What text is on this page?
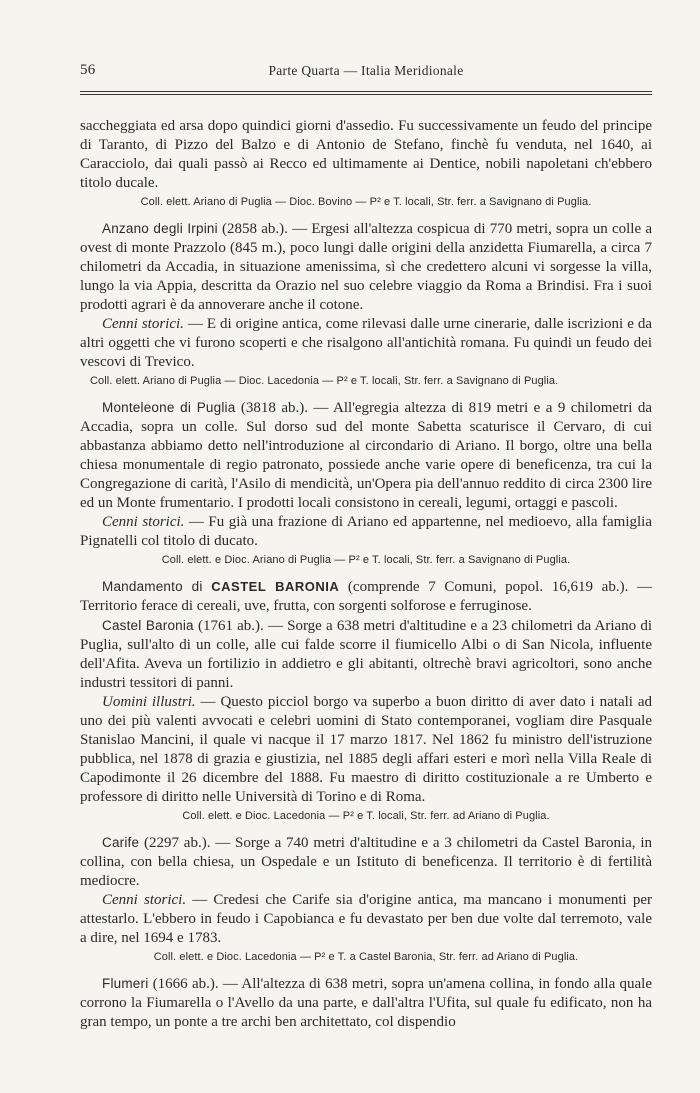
56	Parte Quarta — Italia Meridionale

saccheggiata ed arsa dopo quindici giorni d'assedio. Fu successivamente un feudo del principe di Taranto, di Pizzo del Balzo e di Antonio de Stefano, finchè fu venduta, nel 1640, ai Caracciolo, dai quali passò ai Recco ed ultimamente ai Dentice, nobili napoletani ch'ebbero titolo ducale.

Coll. elett. Ariano di Puglia — Dioc. Bovino — P² e T. locali, Str. ferr. a Savignano di Puglia.

Anzano degli Irpini (2858 ab.). — Ergesi all'altezza cospicua di 770 metri, sopra un colle a ovest di monte Prazzolo (845 m.), poco lungi dalle origini della anzidetta Fiumarella, a circa 7 chilometri da Accadia, in situazione amenissima, sì che credettero alcuni vi sorgesse la villa, lungo la via Appia, descritta da Orazio nel suo celebre viaggio da Roma a Brindisi. Fra i suoi prodotti agrari è da annoverare anche il cotone.

Cenni storici. — E di origine antica, come rilevasi dalle urne cinerarie, dalle iscrizioni e da altri oggetti che vi furono scoperti e che risalgono all'antichità romana. Fu quindi un feudo dei vescovi di Trevico.

Coll. elett. Ariano di Puglia — Dioc. Lacedonia — P² e T. locali, Str. ferr. a Savignano di Puglia.

Monteleone di Puglia (3818 ab.). — All'egregia altezza di 819 metri e a 9 chilometri da Accadia, sopra un colle. Sul dorso sud del monte Sabetta scaturisce il Cervaro, di cui abbastanza abbiamo detto nell'introduzione al circondario di Ariano. Il borgo, oltre una bella chiesa monumentale di regio patronato, possiede anche varie opere di beneficenza, tra cui la Congregazione di carità, l'Asilo di mendicità, un'Opera pia dell'annuo reddito di circa 2300 lire ed un Monte frumentario. I prodotti locali consistono in cereali, legumi, ortaggi e pascoli.

Cenni storici. — Fu già una frazione di Ariano ed appartenne, nel medioevo, alla famiglia Pignatelli col titolo di ducato.

Coll. elett. e Dioc. Ariano di Puglia — P² e T. locali, Str. ferr. a Savignano di Puglia.

Mandamento di CASTEL BARONIA (comprende 7 Comuni, popol. 16,619 ab.). — Territorio ferace di cereali, uve, frutta, con sorgenti solforose e ferruginose.

Castel Baronia (1761 ab.). — Sorge a 638 metri d'altitudine e a 23 chilometri da Ariano di Puglia, sull'alto di un colle, alle cui falde scorre il fiumicello Albi o di San Nicola, influente dell'Afita. Aveva un fortilizio in addietro e gli abitanti, oltrechè bravi agricoltori, sono anche industri tessitori di panni.

Uomini illustri. — Questo picciol borgo va superbo a buon diritto di aver dato i natali ad uno dei più valenti avvocati e celebri uomini di Stato contemporanei, vogliam dire Pasquale Stanislao Mancini, il quale vi nacque il 17 marzo 1817. Nel 1862 fu ministro dell'istruzione pubblica, nel 1878 di grazia e giustizia, nel 1885 degli affari esteri e morì nella Villa Reale di Capodimonte il 26 dicembre del 1888. Fu maestro di diritto costituzionale a re Umberto e professore di diritto nelle Università di Torino e di Roma.

Coll. elett. e Dioc. Lacedonia — P² e T. locali, Str. ferr. ad Ariano di Puglia.

Carife (2297 ab.). — Sorge a 740 metri d'altitudine e a 3 chilometri da Castel Baronia, in collina, con bella chiesa, un Ospedale e un Istituto di beneficenza. Il territorio è di fertilità mediocre.

Cenni storici. — Credesi che Carife sia d'origine antica, ma mancano i monumenti per attestarlo. L'ebbero in feudo i Capobianca e fu devastato per ben due volte dal terremoto, vale a dire, nel 1694 e 1783.

Coll. elett. e Dioc. Lacedonia — P² e T. a Castel Baronia, Str. ferr. ad Ariano di Puglia.

Flumeri (1666 ab.). — All'altezza di 638 metri, sopra un'amena collina, in fondo alla quale corrono la Fiumarella o l'Avello da una parte, e dall'altra l'Ufita, sul quale fu edificato, non ha gran tempo, un ponte a tre archi ben architettato, col dispendio
